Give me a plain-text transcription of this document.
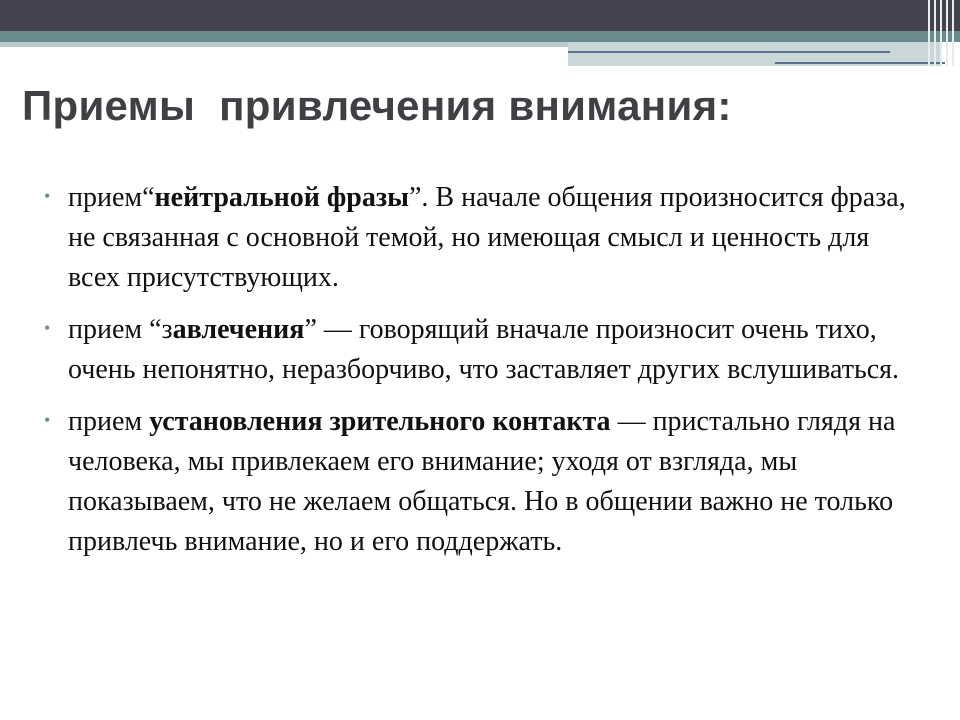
Приемы  привлечения внимания:
• прием“нейтральной фразы”. В начале общения произносится фраза, не связанная с основной темой, но имеющая смысл и ценность для всех присутствующих.
• прием “завлечения” — говорящий вначале произносит очень тихо, очень непонятно, неразборчиво, что заставляет других вслушиваться.
• прием установления зрительного контакта — пристально глядя на человека, мы привлекаем его внимание; уходя от взгляда, мы показываем, что не желаем общаться. Но в общении важно не только привлечь внимание, но и его поддержать.
